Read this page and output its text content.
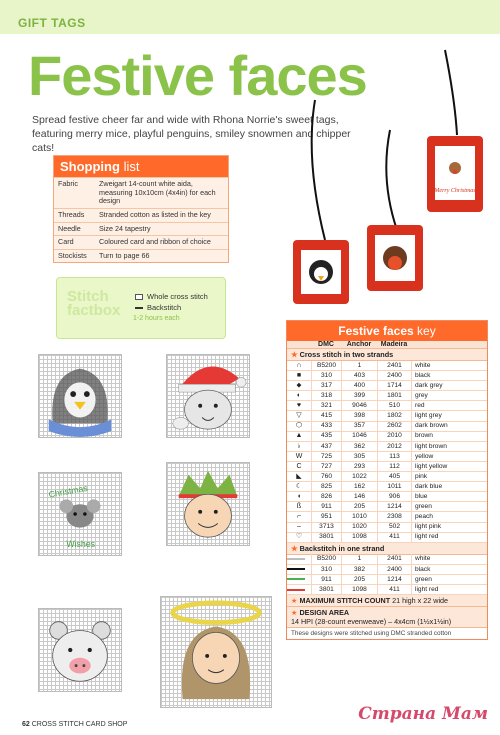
GIFT TAGS
Festive faces
Spread festive cheer far and wide with Rhona Norrie's sweet tags, featuring merry mice, playful penguins, smiley snowmen and chipper cats!
Shopping list
Fabric	Zweigart 14-count white aida, measuring 10x10cm (4x4in) for each design
Threads	Stranded cotton as listed in the key
Needle	Size 24 tapestry
Card	Coloured card and ribbon of choice
Stockists	Turn to page 66
Stitch factbox
Whole cross stitch
Backstitch
1-2 hours each
Merry Christmas
Festive faces key
DMC	Anchor	Madeira
★ Cross stitch in two strands
∩	B5200	1	2401	white
■	310	403	2400	black
⬥	317	400	1714	dark grey
◐	318	399	1801	grey
♥	321	9046	510	red
▽	415	398	1802	light grey
⬡	433	357	2602	dark brown
▲	435	1046	2010	brown
♭	437	362	2012	light brown
W	725	305	113	yellow
C	727	293	112	light yellow
◣	760	1022	405	pink
☾	825	162	1011	dark blue
◖	826	146	906	blue
ß	911	205	1214	green
⌐	951	1010	2308	peach
–	3713	1020	502	light pink
♡	3801	1098	411	light red
★ Backstitch in one strand
B5200	1	2401	white
310	382	2400	black
911	205	1214	green
3801	1098	411	light red
★ MAXIMUM STITCH COUNT 21 high x 22 wide
★ DESIGN AREA
14 HPI (28-count evenweave) – 4x4cm (1½x1½in)
These designs were stitched using DMC stranded cotton
Christmas
Wishes
62 CROSS STITCH CARD SHOP
Страна Мам
